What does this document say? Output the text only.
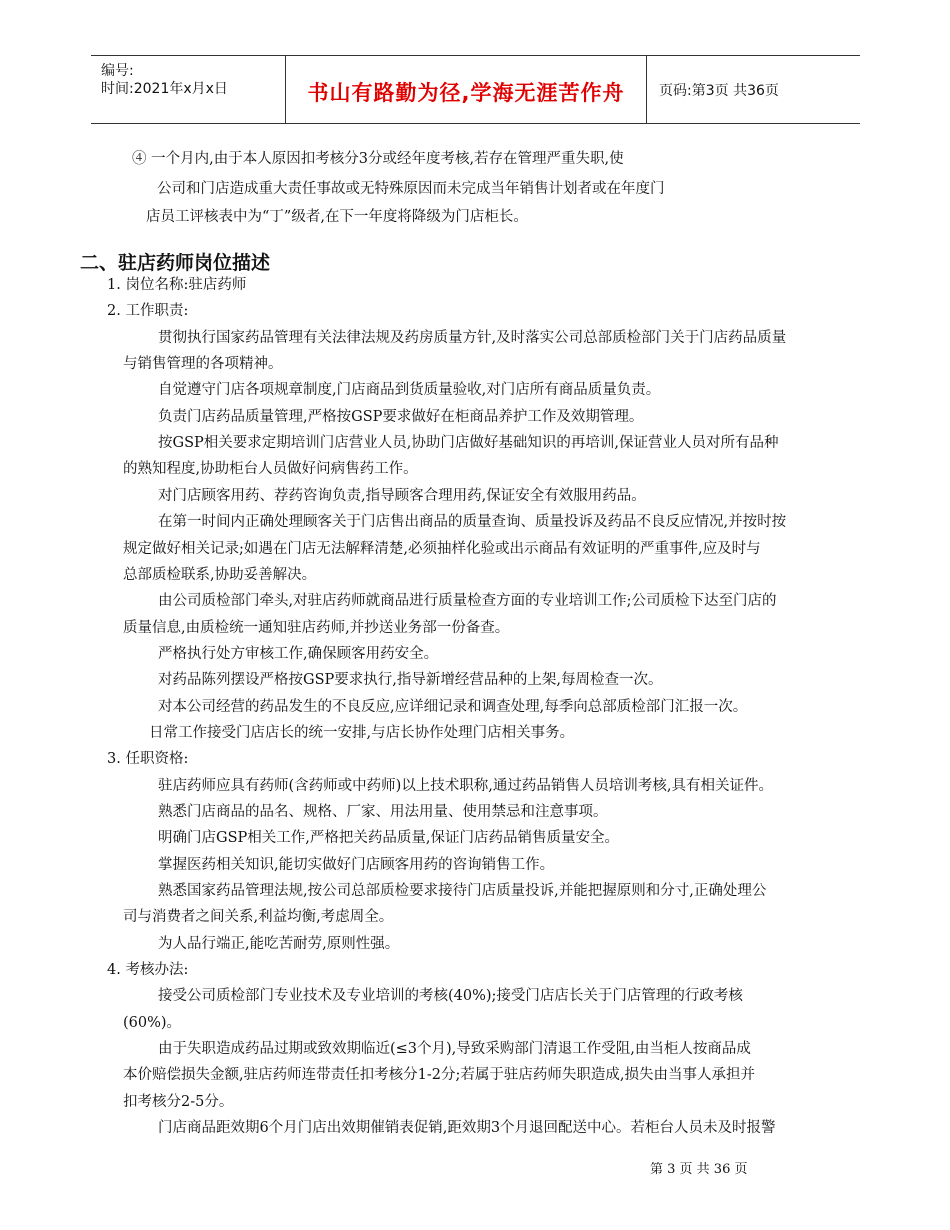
编号:
时间:2021年x月x日	书山有路勤为径,学海无涯苦作舟	页码:第3页 共36页
④ 一个月内,由于本人原因扣考核分3分或经年度考核,若存在管理严重失职,使
公司和门店造成重大责任事故或无特殊原因而未完成当年销售计划者或在年度门
店员工评核表中为“丁”级者,在下一年度将降级为门店柜长。
二、驻店药师岗位描述
1. 岗位名称:驻店药师
2. 工作职责:
贯彻执行国家药品管理有关法律法规及药房质量方针,及时落实公司总部质检部门关于门店药品质量
与销售管理的各项精神。
自觉遵守门店各项规章制度,门店商品到货质量验收,对门店所有商品质量负责。
负责门店药品质量管理,严格按GSP要求做好在柜商品养护工作及效期管理。
按GSP相关要求定期培训门店营业人员,协助门店做好基础知识的再培训,保证营业人员对所有品种
的熟知程度,协助柜台人员做好问病售药工作。
对门店顾客用药、荐药咨询负责,指导顾客合理用药,保证安全有效服用药品。
在第一时间内正确处理顾客关于门店售出商品的质量查询、质量投诉及药品不良反应情况,并按时按
规定做好相关记录;如遇在门店无法解释清楚,必须抽样化验或出示商品有效证明的严重事件,应及时与
总部质检联系,协助妥善解决。
由公司质检部门牵头,对驻店药师就商品进行质量检查方面的专业培训工作;公司质检下达至门店的
质量信息,由质检统一通知驻店药师,并抄送业务部一份备查。
严格执行处方审核工作,确保顾客用药安全。
对药品陈列摆设严格按GSP要求执行,指导新增经营品种的上架,每周检查一次。
对本公司经营的药品发生的不良反应,应详细记录和调查处理,每季向总部质检部门汇报一次。
日常工作接受门店店长的统一安排,与店长协作处理门店相关事务。
3. 任职资格:
驻店药师应具有药师(含药师或中药师)以上技术职称,通过药品销售人员培训考核,具有相关证件。
熟悉门店商品的品名、规格、厂家、用法用量、使用禁忌和注意事项。
明确门店GSP相关工作,严格把关药品质量,保证门店药品销售质量安全。
掌握医药相关知识,能切实做好门店顾客用药的咨询销售工作。
熟悉国家药品管理法规,按公司总部质检要求接待门店质量投诉,并能把握原则和分寸,正确处理公
司与消费者之间关系,利益均衡,考虑周全。
为人品行端正,能吃苦耐劳,原则性强。
4. 考核办法:
接受公司质检部门专业技术及专业培训的考核(40%);接受门店店长关于门店管理的行政考核
(60%)。
由于失职造成药品过期或致效期临近(≤3个月),导致采购部门清退工作受阻,由当柜人按商品成
本价赔偿损失金额,驻店药师连带责任扣考核分1-2分;若属于驻店药师失职造成,损失由当事人承担并
扣考核分2-5分。
门店商品距效期6个月门店出效期催销表促销,距效期3个月退回配送中心。若柜台人员未及时报警
第 3 页 共 36 页
